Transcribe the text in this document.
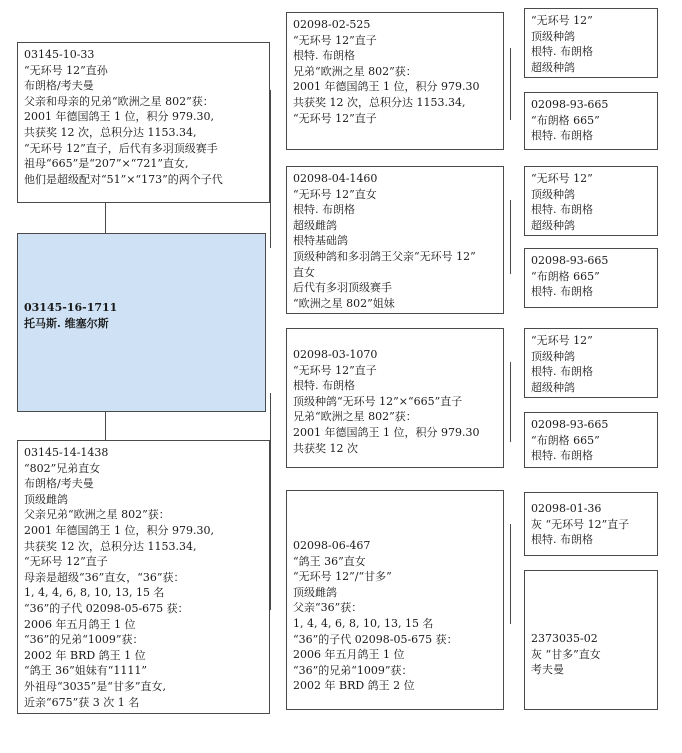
03145-10-33
“无环号 12”直孙
布朗格/考夫曼
父亲和母亲的兄弟“欧洲之星 802”获：
2001 年德国鸽王 1 位，积分 979.30,
共获奖 12 次，总积分达 1153.34,
“无环号 12”直子，后代有多羽顶级赛手
祖母“665”是“207”×“721”直女,
他们是超级配对“51”×“173”的两个子代
03145-16-1711
托马斯. 维塞尔斯
03145-14-1438
“802”兄弟直女
布朗格/考夫曼
顶级雌鸽
父亲兄弟“欧洲之星 802”获：
2001 年德国鸽王 1 位，积分 979.30,
共获奖 12 次，总积分达 1153.34,
“无环号 12”直子
母亲是超级“36”直女，“36”获：
1, 4, 4, 6, 8, 10, 13, 15 名
“36”的子代 02098-05-675 获：
2006 年五月鸽王 1 位
“36”的兄弟“1009”获：
2002 年 BRD 鸽王 1 位
“鸽王 36”姐妹有“1111”
外祖母“3035”是“甘多”直女,
近亲“675”获 3 次 1 名
02098-02-525
“无环号 12”直子
根特. 布朗格
兄弟“欧洲之星 802”获：
2001 年德国鸽王 1 位，积分 979.30
共获奖 12 次，总积分达 1153.34,
“无环号 12”直子
02098-04-1460
“无环号 12”直女
根特. 布朗格
超级雌鸽
根特基础鸽
顶级种鸽和多羽鸽王父亲“无环号 12”
直女
后代有多羽顶级赛手
“欧洲之星 802”姐妹
02098-03-1070
“无环号 12”直子
根特. 布朗格
顶级种鸽“无环号 12”×“665”直子
兄弟“欧洲之星 802”获：
2001 年德国鸽王 1 位，积分 979.30
共获奖 12 次
02098-06-467
“鸽王 36”直女
“无环号 12”/“甘多”
顶级雌鸽
父亲“36”获：
1, 4, 4, 6, 8, 10, 13, 15 名
“36”的子代 02098-05-675 获：
2006 年五月鸽王 1 位
“36”的兄弟“1009”获：
2002 年 BRD 鸽王 2 位
“无环号 12”
顶级种鸽
根特. 布朗格
超级种鸽
02098-93-665
“布朗格 665”
根特. 布朗格
“无环号 12”
顶级种鸽
根特. 布朗格
超级种鸽
02098-93-665
“布朗格 665”
根特. 布朗格
“无环号 12”
顶级种鸽
根特. 布朗格
超级种鸽
02098-93-665
“布朗格 665”
根特. 布朗格
02098-01-36
灰 “无环号 12”直子
根特. 布朗格
2373035-02
灰 “甘多”直女
考夫曼
